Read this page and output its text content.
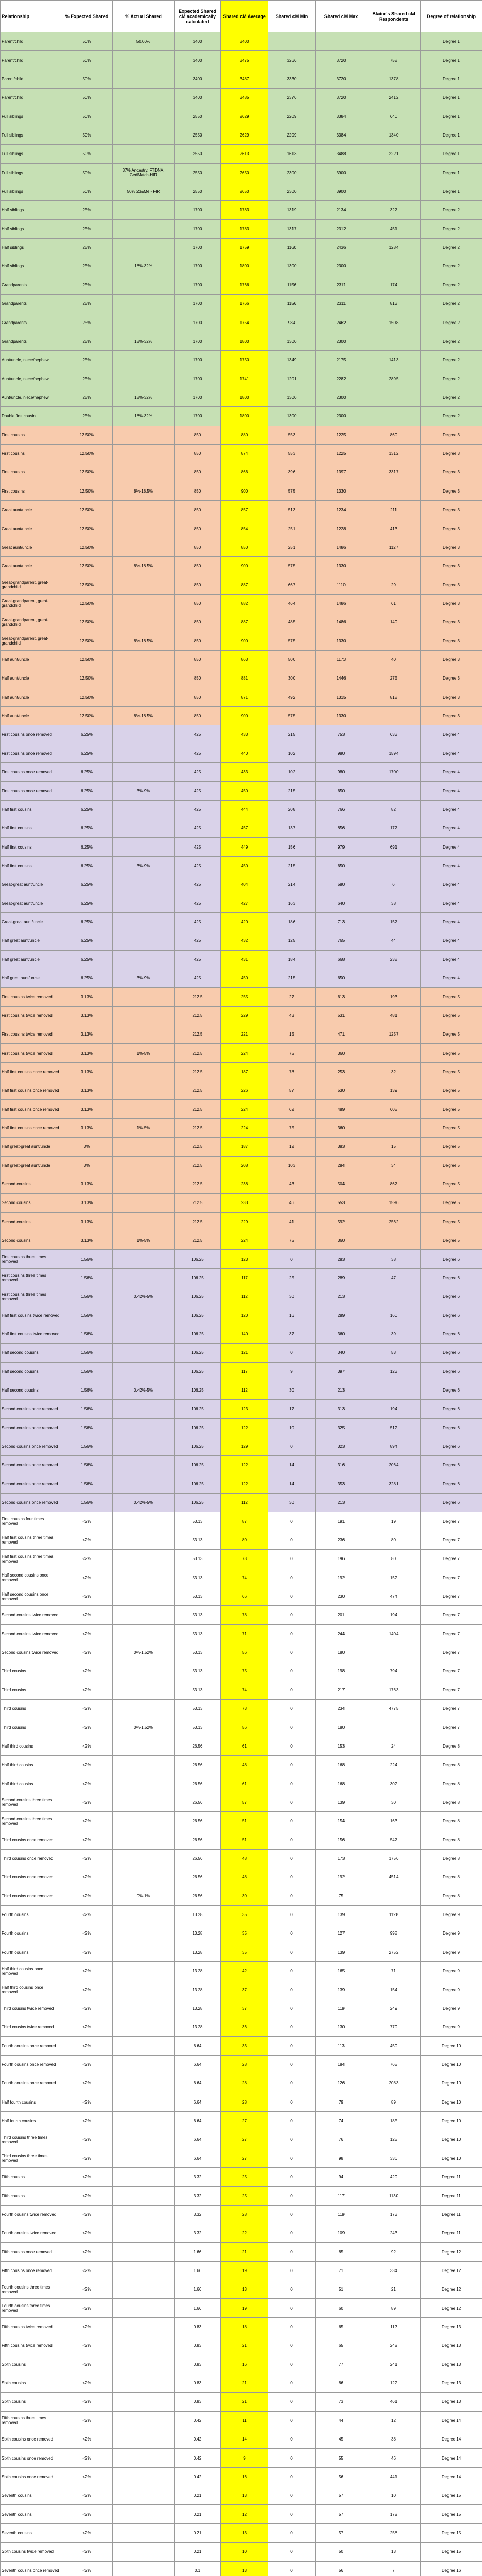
Relationship	% Expected Shared	% Actual Shared	Expected Shared cM academically calculated	Shared cM Average	Shared cM Min	Shared cM Max	Blaine's Shared cM Respondents	Degree of relationship
Parent/child	50%	50.00%	3400	3400				Degree 1
Parent/child	50%		3400	3475	3266	3720	758	Degree 1
Parent/child	50%		3400	3487	3330	3720	1378	Degree 1
Parent/child	50%		3400	3485	2376	3720	2412	Degree 1
Full siblings	50%		2550	2629	2209	3384	640	Degree 1
Full siblings	50%		2550	2629	2209	3384	1340	Degree 1
Full siblings	50%		2550	2613	1613	3488	2221	Degree 1
Full siblings	50%	37% Ancestry, FTDNA, GedMatch-HIR	2550	2650	2300	3900		Degree 1
Full siblings	50%	50% 23&Me - FIR	2550	2650	2300	3900		Degree 1
Half siblings	25%		1700	1783	1319	2134	327	Degree 2
Half siblings	25%		1700	1783	1317	2312	451	Degree 2
Half siblings	25%		1700	1759	1160	2436	1284	Degree 2
Half siblings	25%	18%-32%	1700	1800	1300	2300		Degree 2
Grandparents	25%		1700	1766	1156	2311	174	Degree 2
Grandparents	25%		1700	1766	1156	2311	813	Degree 2
Grandparents	25%		1700	1754	984	2462	1508	Degree 2
Grandparents	25%	18%-32%	1700	1800	1300	2300		Degree 2
Aunt/uncle, niece/nephew	25%		1700	1750	1349	2175	1413	Degree 2
Aunt/uncle, niece/nephew	25%		1700	1741	1201	2282	2895	Degree 2
Aunt/uncle, niece/nephew	25%	18%-32%	1700	1800	1300	2300		Degree 2
Double first cousin	25%	18%-32%	1700	1800	1300	2300		Degree 2
First cousins	12.50%		850	880	553	1225	869	Degree 3
First cousins	12.50%		850	874	553	1225	1312	Degree 3
First cousins	12.50%		850	866	396	1397	3317	Degree 3
First cousins	12.50%	8%-18.5%	850	900	575	1330		Degree 3
Great aunt/uncle	12.50%		850	857	513	1234	211	Degree 3
Great aunt/uncle	12.50%		850	854	251	1228	413	Degree 3
Great aunt/uncle	12.50%		850	850	251	1486	1127	Degree 3
Great aunt/uncle	12.50%	8%-18.5%	850	900	575	1330		Degree 3
Great-grandparent, great-grandchild	12.50%		850	887	667	1110	29	Degree 3
Great-grandparent, great-grandchild	12.50%		850	882	464	1486	61	Degree 3
Great-grandparent, great-grandchild	12.50%		850	887	485	1486	149	Degree 3
Great-grandparent, great-grandchild	12.50%	8%-18.5%	850	900	575	1330		Degree 3
Half aunt/uncle	12.50%		850	863	500	1173	40	Degree 3
Half aunt/uncle	12.50%		850	881	300	1446	275	Degree 3
Half aunt/uncle	12.50%		850	871	492	1315	818	Degree 3
Half aunt/uncle	12.50%	8%-18.5%	850	900	575	1330		Degree 3
First cousins once removed	6.25%		425	433	215	753	633	Degree 4
First cousins once removed	6.25%		425	440	102	980	1594	Degree 4
First cousins once removed	6.25%		425	433	102	980	1700	Degree 4
First cousins once removed	6.25%	3%-9%	425	450	215	650		Degree 4
Half first cousins	6.25%		425	444	208	766	82	Degree 4
Half first cousins	6.25%		425	457	137	856	177	Degree 4
Half first cousins	6.25%		425	449	156	979	691	Degree 4
Half first cousins	6.25%	3%-9%	425	450	215	650		Degree 4
Great-great aunt/uncle	6.25%		425	404	214	580	6	Degree 4
Great-great aunt/uncle	6.25%		425	427	163	640	38	Degree 4
Great-great aunt/uncle	6.25%		425	420	186	713	157	Degree 4
Half great aunt/uncle	6.25%		425	432	125	765	44	Degree 4
Half great aunt/uncle	6.25%		425	431	184	668	238	Degree 4
Half great aunt/uncle	6.25%	3%-9%	425	450	215	650		Degree 4
First cousins twice removed	3.13%		212.5	255	27	613	193	Degree 5
First cousins twice removed	3.13%		212.5	229	43	531	481	Degree 5
First cousins twice removed	3.13%		212.5	221	15	471	1257	Degree 5
First cousins twice removed	3.13%	1%-5%	212.5	224	75	360		Degree 5
Half first cousins once removed	3.13%		212.5	187	78	253	32	Degree 5
Half first cousins once removed	3.13%		212.5	226	57	530	139	Degree 5
Half first cousins once removed	3.13%		212.5	224	62	489	605	Degree 5
Half first cousins once removed	3.13%	1%-5%	212.5	224	75	360		Degree 5
Half great-great aunt/uncle	3%		212.5	187	12	383	15	Degree 5
Half great-great aunt/uncle	3%		212.5	208	103	284	34	Degree 5
Second cousins	3.13%		212.5	238	43	504	867	Degree 5
Second cousins	3.13%		212.5	233	46	553	1596	Degree 5
Second cousins	3.13%		212.5	229	41	592	2562	Degree 5
Second cousins	3.13%	1%-5%	212.5	224	75	360		Degree 5
First cousins three times removed	1.56%		106.25	123	0	283	38	Degree 6
First cousins three times removed	1.56%		106.25	117	25	289	47	Degree 6
First cousins three times removed	1.56%	0.42%-5%	106.25	112	30	213		Degree 6
Half first cousins twice removed	1.56%		106.25	120	16	289	160	Degree 6
Half first cousins twice removed	1.56%		106.25	140	37	360	39	Degree 6
Half second cousins	1.56%		106.25	121	0	340	53	Degree 6
Half second cousins	1.56%		106.25	117	9	397	123	Degree 6
Half second cousins	1.56%	0.42%-5%	106.25	112	30	213		Degree 6
Second cousins once removed	1.56%		106.25	123	17	313	194	Degree 6
Second cousins once removed	1.56%		106.25	122	10	325	512	Degree 6
Second cousins once removed	1.56%		106.25	129	0	323	894	Degree 6
Second cousins once removed	1.56%		106.25	122	14	316	2064	Degree 6
Second cousins once removed	1.56%		106.25	122	14	353	3281	Degree 6
Second cousins once removed	1.56%	0.42%-5%	106.25	112	30	213		Degree 6
First cousins four times removed	<2%		53.13	87	0	191	19	Degree 7
Half first cousins three times removed	<2%		53.13	80	0	236	80	Degree 7
Half first cousins three times removed	<2%		53.13	73	0	196	80	Degree 7
Half second cousins once removed	<2%		53.13	74	0	192	152	Degree 7
Half second cousins once removed	<2%		53.13	66	0	230	474	Degree 7
Second cousins twice removed	<2%		53.13	78	0	201	194	Degree 7
Second cousins twice removed	<2%		53.13	71	0	244	1404	Degree 7
Second cousins twice removed	<2%	0%-1.52%	53.13	56	0	180		Degree 7
Third cousins	<2%		53.13	75	0	198	794	Degree 7
Third cousins	<2%		53.13	74	0	217	1763	Degree 7
Third cousins	<2%		53.13	73	0	234	4775	Degree 7
Third cousins	<2%	0%-1.52%	53.13	56	0	180		Degree 7
Half third cousins	<2%		26.56	61	0	153	24	Degree 8
Half third cousins	<2%		26.56	48	0	168	224	Degree 8
Half third cousins	<2%		26.56	61	0	168	302	Degree 8
Second cousins three times removed	<2%		26.56	57	0	139	30	Degree 8
Second cousins three times removed	<2%		26.56	51	0	154	163	Degree 8
Third cousins once removed	<2%		26.56	51	0	156	547	Degree 8
Third cousins once removed	<2%		26.56	48	0	173	1756	Degree 8
Third cousins once removed	<2%		26.56	48	0	192	4514	Degree 8
Third cousins once removed	<2%	0%-1%	26.56	30	0	75		Degree 8
Fourth cousins	<2%		13.28	35	0	139	1128	Degree 9
Fourth cousins	<2%		13.28	35	0	127	998	Degree 9
Fourth cousins	<2%		13.28	35	0	139	2752	Degree 9
Half third cousins once removed	<2%		13.28	42	0	165	71	Degree 9
Half third cousins once removed	<2%		13.28	37	0	139	154	Degree 9
Third cousins twice removed	<2%		13.28	37	0	119	249	Degree 9
Third cousins twice removed	<2%		13.28	36	0	130	779	Degree 9
Fourth cousins once removed	<2%		6.64	33	0	113	459	Degree 10
Fourth cousins once removed	<2%		6.64	28	0	184	765	Degree 10
Fourth cousins once removed	<2%		6.64	28	0	126	2083	Degree 10
Half fourth cousins	<2%		6.64	28	0	79	89	Degree 10
Half fourth cousins	<2%		6.64	27	0	74	185	Degree 10
Third cousins three times removed	<2%		6.64	27	0	76	125	Degree 10
Third cousins three times removed	<2%		6.64	27	0	98	336	Degree 10
Fifth cousins	<2%		3.32	25	0	94	429	Degree 11
Fifth cousins	<2%		3.32	25	0	117	1130	Degree 11
Fourth cousins twice removed	<2%		3.32	28	0	119	173	Degree 11
Fourth cousins twice removed	<2%		3.32	22	0	109	243	Degree 11
Fifth cousins once removed	<2%		1.66	21	0	85	92	Degree 12
Fifth cousins once removed	<2%		1.66	19	0	71	334	Degree 12
Fourth cousins three times removed	<2%		1.66	13	0	51	21	Degree 12
Fourth cousins three times removed	<2%		1.66	19	0	60	89	Degree 12
Fifth cousins twice removed	<2%		0.83	18	0	65	112	Degree 13
Fifth cousins twice removed	<2%		0.83	21	0	65	242	Degree 13
Sixth cousins	<2%		0.83	16	0	77	241	Degree 13
Sixth cousins	<2%		0.83	21	0	86	122	Degree 13
Sixth cousins	<2%		0.83	21	0	73	461	Degree 13
Fifth cousins three times removed	<2%		0.42	11	0	44	12	Degree 14
Sixth cousins once removed	<2%		0.42	14	0	45	38	Degree 14
Sixth cousins once removed	<2%		0.42	9	0	55	46	Degree 14
Sixth cousins once removed	<2%		0.42	16	0	56	441	Degree 14
Seventh cousins	<2%		0.21	13	0	57	10	Degree 15
Seventh cousins	<2%		0.21	12	0	57	172	Degree 15
Seventh cousins	<2%		0.21	13	0	57	258	Degree 15
Sixth cousins twice removed	<2%		0.21	10	0	50	13	Degree 15
Seventh cousins once removed	<2%		0.1	13	0	56	7	Degree 16
